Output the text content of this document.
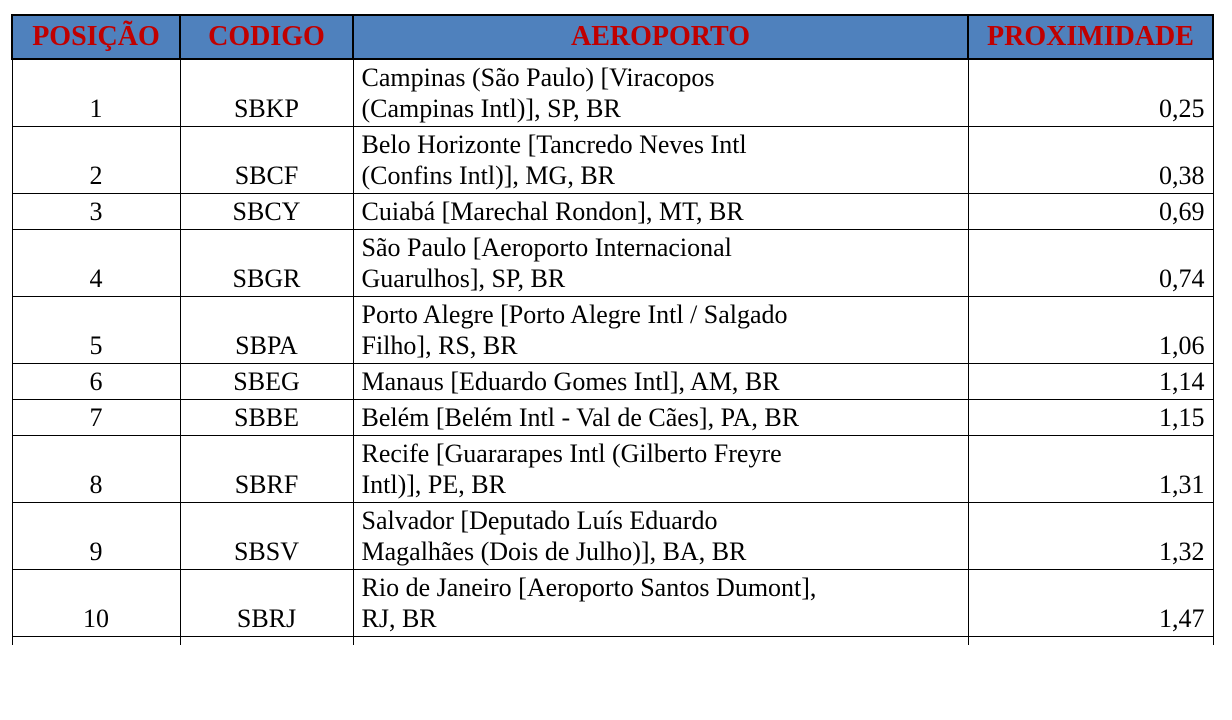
POSIÇÃO	CODIGO	AEROPORTO	PROXIMIDADE
1	SBKP	Campinas (São Paulo) [Viracopos
(Campinas Intl)], SP, BR	0,25
2	SBCF	Belo Horizonte [Tancredo Neves Intl
(Confins Intl)], MG, BR	0,38
3	SBCY	Cuiabá [Marechal Rondon], MT, BR	0,69
4	SBGR	São Paulo [Aeroporto Internacional
Guarulhos], SP, BR	0,74
5	SBPA	Porto Alegre [Porto Alegre Intl / Salgado
Filho], RS, BR	1,06
6	SBEG	Manaus [Eduardo Gomes Intl], AM, BR	1,14
7	SBBE	Belém [Belém Intl - Val de Cães], PA, BR	1,15
8	SBRF	Recife [Guararapes Intl (Gilberto Freyre
Intl)], PE, BR	1,31
9	SBSV	Salvador [Deputado Luís Eduardo
Magalhães (Dois de Julho)], BA, BR	1,32
10	SBRJ	Rio de Janeiro [Aeroporto Santos Dumont],
RJ, BR	1,47
